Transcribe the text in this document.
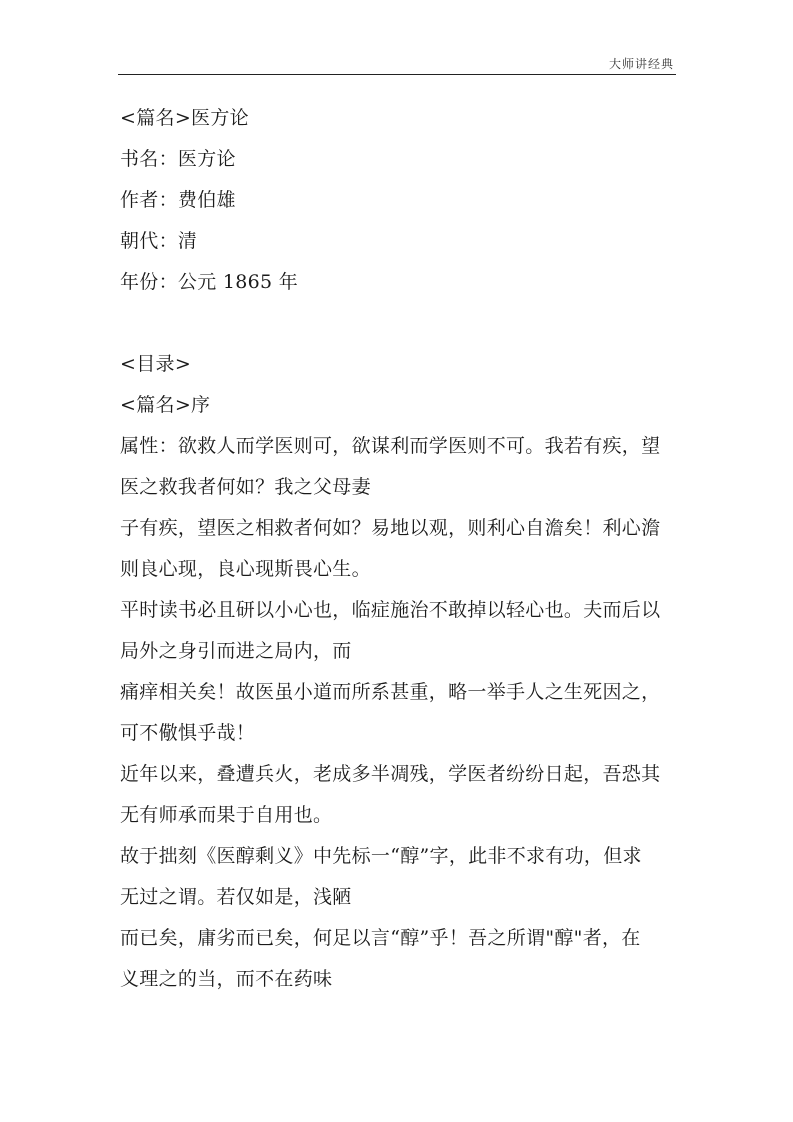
大师讲经典
<篇名>医方论
书名：医方论
作者：费伯雄
朝代：清
年份：公元 1865 年
<目录>
<篇名>序
属性：欲救人而学医则可，欲谋利而学医则不可。我若有疾，望
医之救我者何如？我之父母妻
子有疾，望医之相救者何如？易地以观，则利心自澹矣！利心澹
则良心现，良心现斯畏心生。
平时读书必且研以小心也，临症施治不敢掉以轻心也。夫而后以
局外之身引而进之局内，而
痛痒相关矣！故医虽小道而所系甚重，略一举手人之生死因之，
可不儆惧乎哉！
近年以来，叠遭兵火，老成多半凋残，学医者纷纷日起，吾恐其
无有师承而果于自用也。
故于拙刻《医醇剩义》中先标一“醇”字，此非不求有功，但求
无过之谓。若仅如是，浅陋
而已矣，庸劣而已矣，何足以言“醇”乎！吾之所谓"醇"者，在
义理之的当，而不在药味
